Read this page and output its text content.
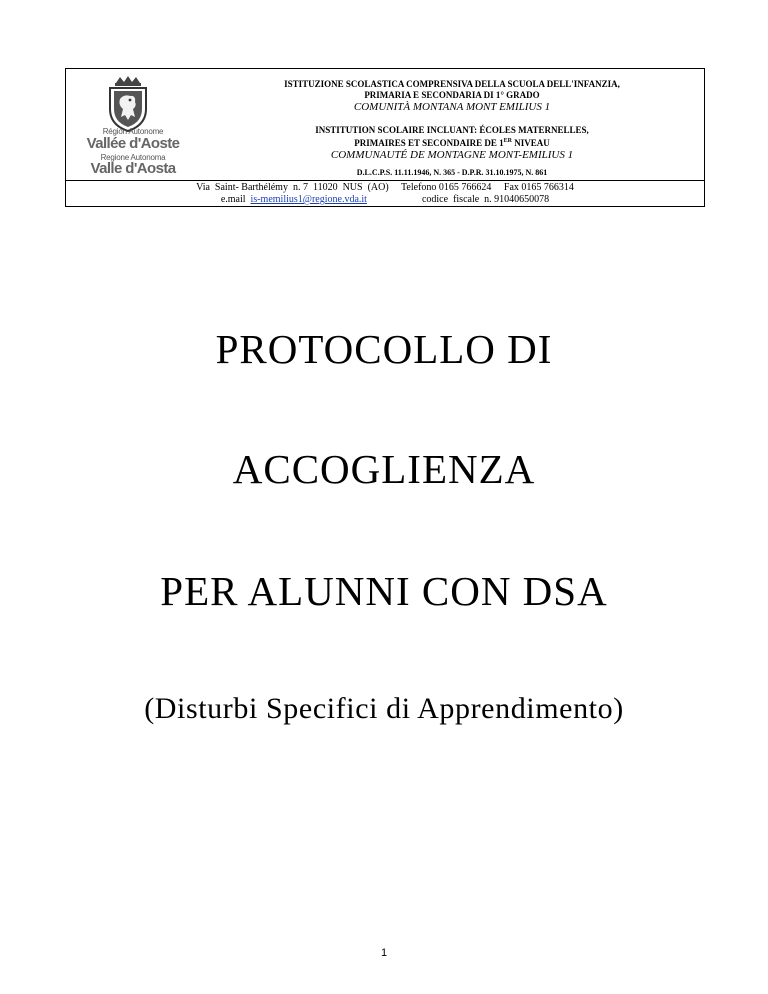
Région Autonome
Vallée d'Aoste
Regione Autonoma
Valle d'Aosta
ISTITUZIONE SCOLASTICA COMPRENSIVA DELLA SCUOLA DELL'INFANZIA,
PRIMARIA E SECONDARIA DI 1° GRADO
COMUNITÀ MONTANA MONT EMILIUS 1
INSTITUTION SCOLAIRE INCLUANT: ÉCOLES MATERNELLES,
PRIMAIRES ET SECONDAIRE DE 1ER NIVEAU
COMMUNAUTÉ DE MONTAGNE MONT-EMILIUS 1
D.L.C.P.S. 11.11.1946, N. 365 - D.P.R. 31.10.1975, N. 861
Via  Saint- Barthélémy  n. 7  11020  NUS  (AO)     Telefono 0165 766624     Fax 0165 766314
e.mail  is-memilius1@regione.vda.it	codice  fiscale  n. 91040650078
PROTOCOLLO DI
ACCOGLIENZA
PER ALUNNI CON DSA
(Disturbi Specifici di Apprendimento)
1
